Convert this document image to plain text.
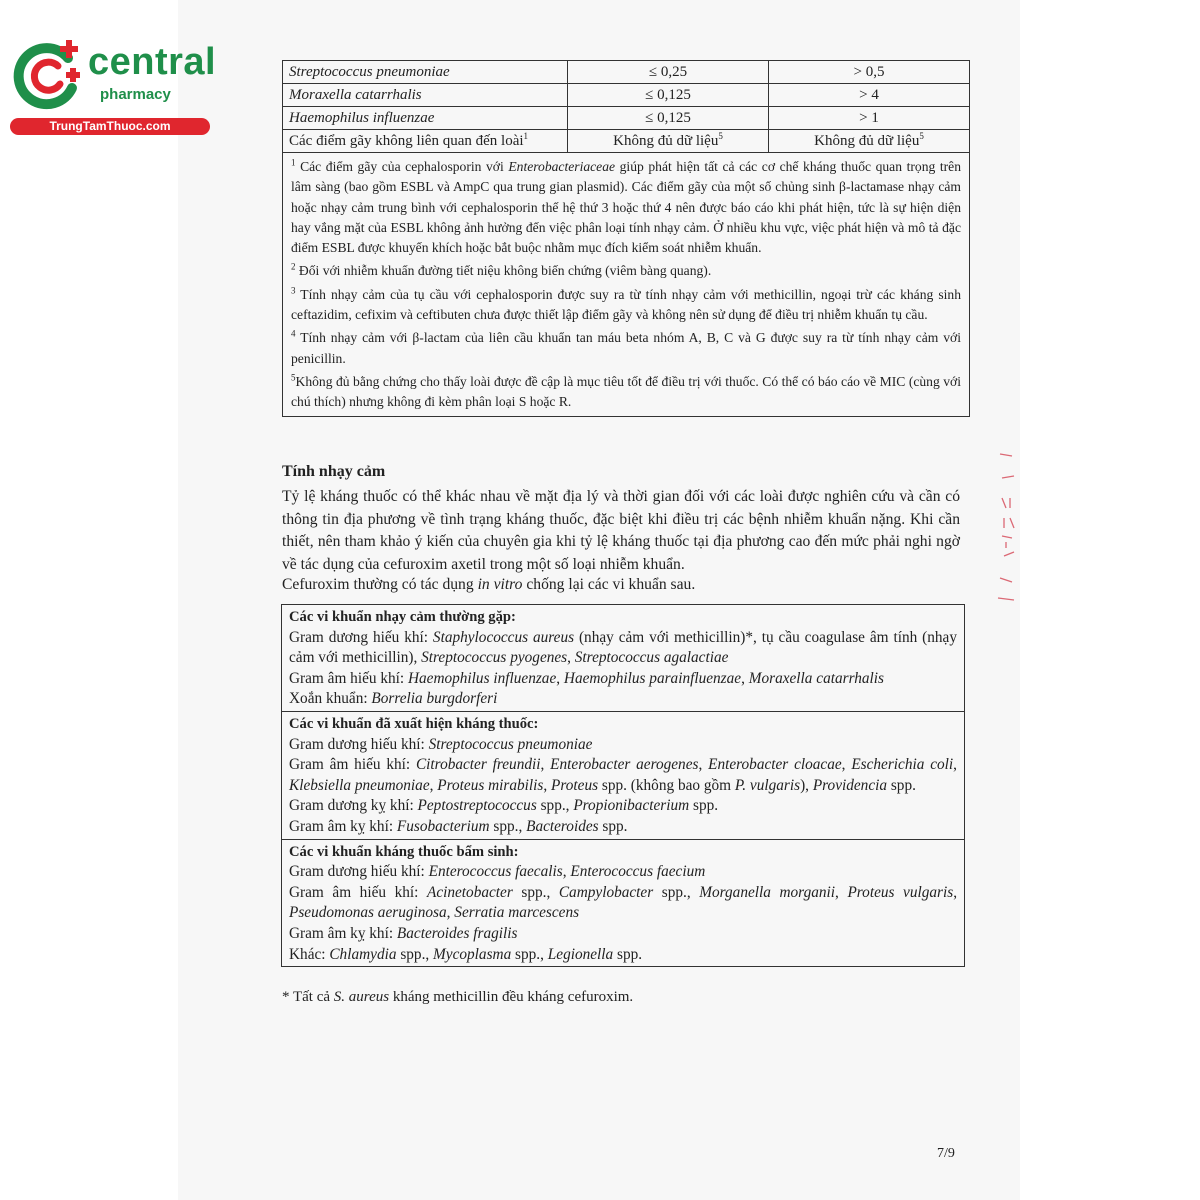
central
pharmacy
TrungTamThuoc.com
Streptococcus pneumoniae	≤ 0,25	> 0,5
Moraxella catarrhalis	≤ 0,125	> 4
Haemophilus influenzae	≤ 0,125	> 1
Các điểm gãy không liên quan đến loài$^1$	Không đủ dữ liệu$^5$	Không đủ dữ liệu$^5$

$^1$ Các điểm gãy của cephalosporin với Enterobacteriaceae giúp phát hiện tất cả các cơ chế kháng thuốc quan trọng trên lâm sàng (bao gồm ESBL và AmpC qua trung gian plasmid). Các điểm gãy của một số chủng sinh β-lactamase nhạy cảm hoặc nhạy cảm trung bình với cephalosporin thế hệ thứ 3 hoặc thứ 4 nên được báo cáo khi phát hiện, tức là sự hiện diện hay vắng mặt của ESBL không ảnh hưởng đến việc phân loại tính nhạy cảm. Ở nhiều khu vực, việc phát hiện và mô tả đặc điểm ESBL được khuyến khích hoặc bắt buộc nhằm mục đích kiểm soát nhiễm khuẩn.

$^2$ Đối với nhiễm khuẩn đường tiết niệu không biến chứng (viêm bàng quang).

$^3$ Tính nhạy cảm của tụ cầu với cephalosporin được suy ra từ tính nhạy cảm với methicillin, ngoại trừ các kháng sinh ceftazidim, cefixim và ceftibuten chưa được thiết lập điểm gãy và không nên sử dụng để điều trị nhiễm khuẩn tụ cầu.

$^4$ Tính nhạy cảm với β-lactam của liên cầu khuẩn tan máu beta nhóm A, B, C và G được suy ra từ tính nhạy cảm với penicillin.

$^5$Không đủ bằng chứng cho thấy loài được đề cập là mục tiêu tốt để điều trị với thuốc. Có thể có báo cáo về MIC (cùng với chú thích) nhưng không đi kèm phân loại S hoặc R.		

Tính nhạy cảm

Tỷ lệ kháng thuốc có thể khác nhau về mặt địa lý và thời gian đối với các loài được nghiên cứu và cần có thông tin địa phương về tình trạng kháng thuốc, đặc biệt khi điều trị các bệnh nhiễm khuẩn nặng. Khi cần thiết, nên tham khảo ý kiến của chuyên gia khi tỷ lệ kháng thuốc tại địa phương cao đến mức phải nghi ngờ về tác dụng của cefuroxim axetil trong một số loại nhiễm khuẩn.

Cefuroxim thường có tác dụng in vitro chống lại các vi khuẩn sau.

Các vi khuẩn nhạy cảm thường gặp:
Gram dương hiếu khí: Staphylococcus aureus (nhạy cảm với methicillin)*, tụ cầu coagulase âm tính (nhạy cảm với methicillin), Streptococcus pyogenes, Streptococcus agalactiae
Gram âm hiếu khí: Haemophilus influenzae, Haemophilus parainfluenzae, Moraxella catarrhalis
Xoắn khuẩn: Borrelia burgdorferi

Các vi khuẩn đã xuất hiện kháng thuốc:
Gram dương hiếu khí: Streptococcus pneumoniae
Gram âm hiếu khí: Citrobacter freundii, Enterobacter aerogenes, Enterobacter cloacae, Escherichia coli, Klebsiella pneumoniae, Proteus mirabilis, Proteus spp. (không bao gồm P. vulgaris), Providencia spp.
Gram dương kỵ khí: Peptostreptococcus spp., Propionibacterium spp.
Gram âm kỵ khí: Fusobacterium spp., Bacteroides spp.

Các vi khuẩn kháng thuốc bẩm sinh:
Gram dương hiếu khí: Enterococcus faecalis, Enterococcus faecium
Gram âm hiếu khí: Acinetobacter spp., Campylobacter spp., Morganella morganii, Proteus vulgaris, Pseudomonas aeruginosa, Serratia marcescens
Gram âm kỵ khí: Bacteroides fragilis
Khác: Chlamydia spp., Mycoplasma spp., Legionella spp.
* Tất cả S. aureus kháng methicillin đều kháng cefuroxim.
7/9
